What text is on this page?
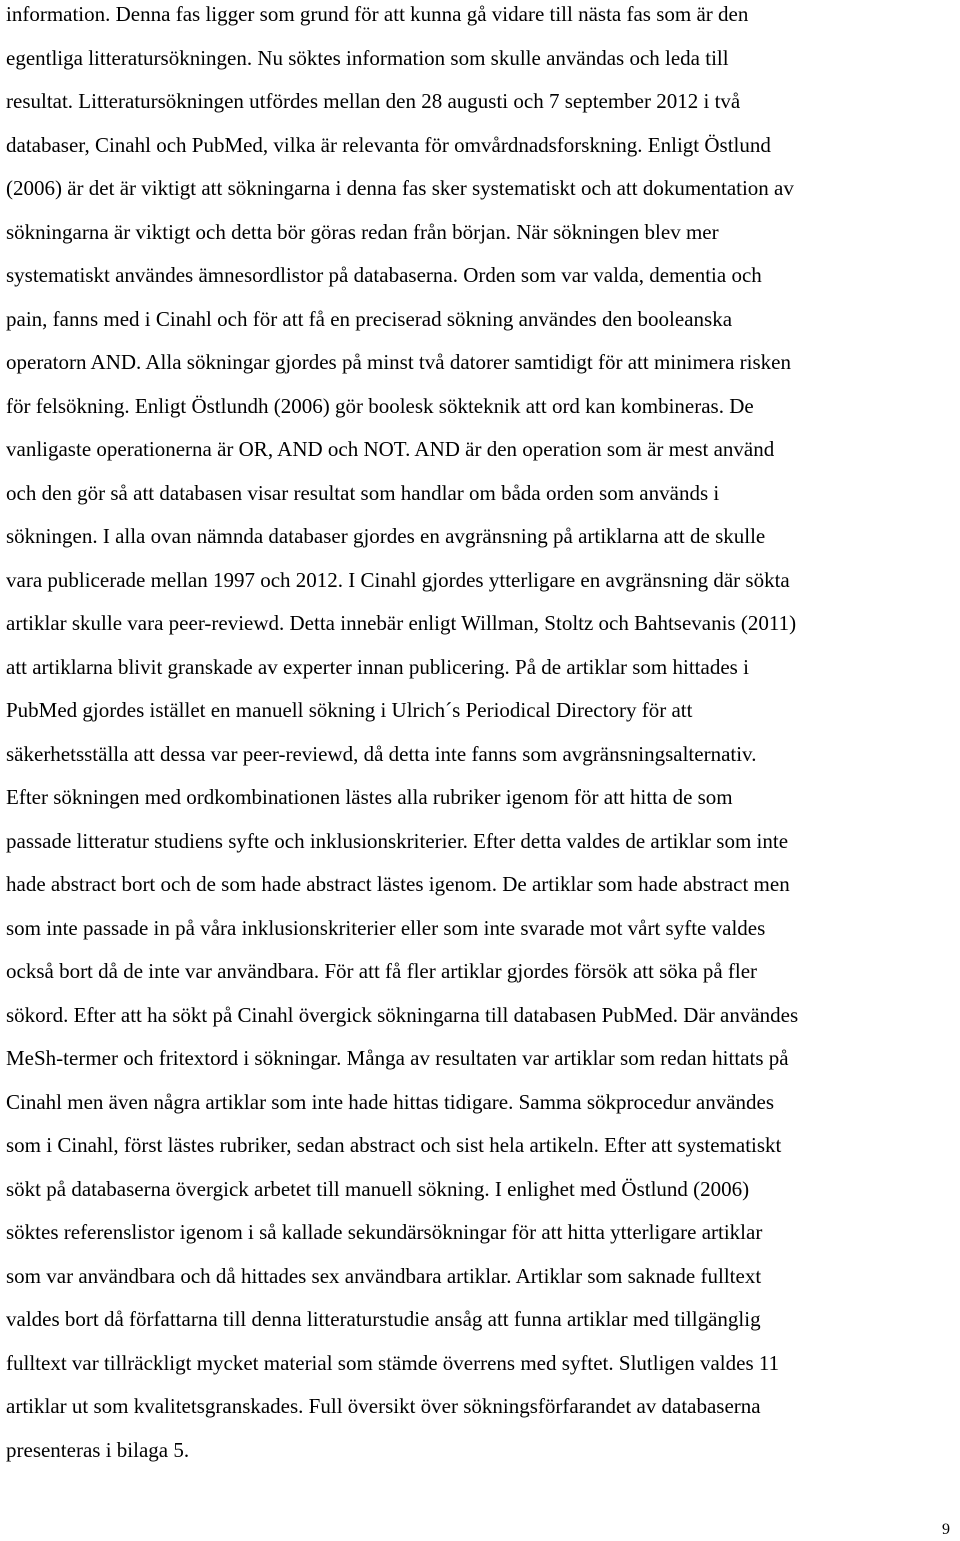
information. Denna fas ligger som grund för att kunna gå vidare till nästa fas som är den
egentliga litteratursökningen. Nu söktes information som skulle användas och leda till
resultat. Litteratursökningen utfördes mellan den 28 augusti och 7 september 2012 i två
databaser, Cinahl och PubMed, vilka är relevanta för omvårdnadsforskning. Enligt Östlund
(2006) är det är viktigt att sökningarna i denna fas sker systematiskt och att dokumentation av
sökningarna är viktigt och detta bör göras redan från början. När sökningen blev mer
systematiskt användes ämnesordlistor på databaserna. Orden som var valda, dementia och
pain, fanns med i Cinahl och för att få en preciserad sökning användes den booleanska
operatorn AND. Alla sökningar gjordes på minst två datorer samtidigt för att minimera risken
för felsökning. Enligt Östlundh (2006) gör boolesk sökteknik att ord kan kombineras. De
vanligaste operationerna är OR, AND och NOT. AND är den operation som är mest använd
och den gör så att databasen visar resultat som handlar om båda orden som används i
sökningen. I alla ovan nämnda databaser gjordes en avgränsning på artiklarna att de skulle
vara publicerade mellan 1997 och 2012. I Cinahl gjordes ytterligare en avgränsning där sökta
artiklar skulle vara peer-reviewd. Detta innebär enligt Willman, Stoltz och Bahtsevanis (2011)
att artiklarna blivit granskade av experter innan publicering. På de artiklar som hittades i
PubMed gjordes istället en manuell sökning i Ulrich´s Periodical Directory för att
säkerhetsställa att dessa var peer-reviewd, då detta inte fanns som avgränsningsalternativ.
Efter sökningen med ordkombinationen lästes alla rubriker igenom för att hitta de som
passade litteratur studiens syfte och inklusionskriterier. Efter detta valdes de artiklar som inte
hade abstract bort och de som hade abstract lästes igenom. De artiklar som hade abstract men
som inte passade in på våra inklusionskriterier eller som inte svarade mot vårt syfte valdes
också bort då de inte var användbara. För att få fler artiklar gjordes försök att söka på fler
sökord. Efter att ha sökt på Cinahl övergick sökningarna till databasen PubMed. Där användes
MeSh-termer och fritextord i sökningar. Många av resultaten var artiklar som redan hittats på
Cinahl men även några artiklar som inte hade hittas tidigare. Samma sökprocedur användes
som i Cinahl, först lästes rubriker, sedan abstract och sist hela artikeln. Efter att systematiskt
sökt på databaserna övergick arbetet till manuell sökning. I enlighet med Östlund (2006)
söktes referenslistor igenom i så kallade sekundärsökningar för att hitta ytterligare artiklar
som var användbara och då hittades sex användbara artiklar. Artiklar som saknade fulltext
valdes bort då författarna till denna litteraturstudie ansåg att funna artiklar med tillgänglig
fulltext var tillräckligt mycket material som stämde överrens med syftet. Slutligen valdes 11
artiklar ut som kvalitetsgranskades. Full översikt över sökningsförfarandet av databaserna
presenteras i bilaga 5.

9
